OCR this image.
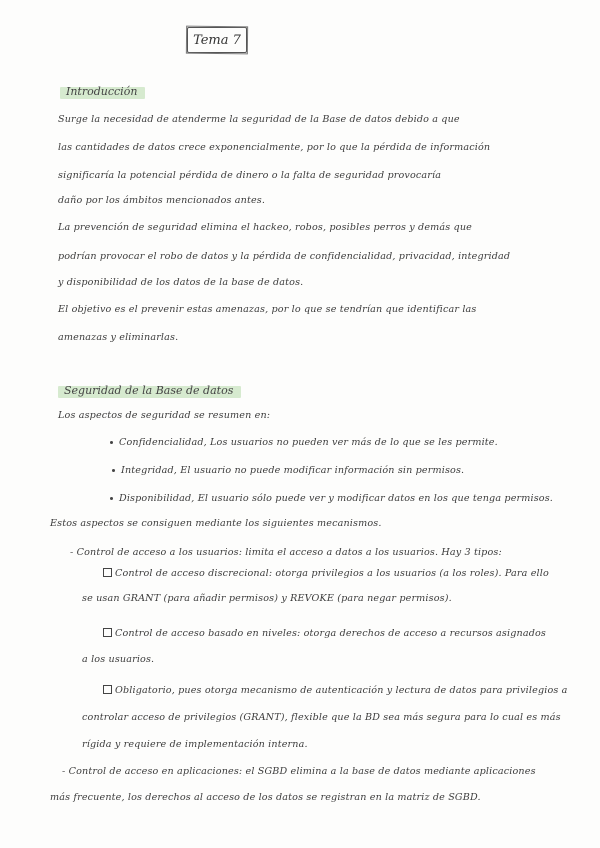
Tema 7
Introducción
Surge la necesidad de atenderme la seguridad de la Base de datos debido a que
las cantidades de datos crece exponencialmente, por lo que la pérdida de información
significaría la potencial pérdida de dinero o la falta de seguridad provocaría
daño por los ámbitos mencionados antes.
La prevención de seguridad elimina el hackeo, robos, posibles perros y demás que
podrían provocar el robo de datos y la pérdida de confidencialidad, privacidad, integridad
y disponibilidad de los datos de la base de datos.
El objetivo es el prevenir estas amenazas, por lo que se tendrían que identificar las
amenazas y eliminarlas.
Seguridad de la Base de datos
Los aspectos de seguridad se resumen en:
Confidencialidad, Los usuarios no pueden ver más de lo que se les permite.
Integridad, El usuario no puede modificar información sin permisos.
Disponibilidad, El usuario sólo puede ver y modificar datos en los que tenga permisos.
Estos aspectos se consiguen mediante los siguientes mecanismos.
- Control de acceso a los usuarios: limita el acceso a datos a los usuarios. Hay 3 tipos:
Control de acceso discrecional: otorga privilegios a los usuarios (a los roles). Para ello
se usan GRANT (para añadir permisos) y REVOKE (para negar permisos).
Control de acceso basado en niveles: otorga derechos de acceso a recursos asignados
a los usuarios.
Obligatorio, pues otorga mecanismo de autenticación y lectura de datos para privilegios a
controlar acceso de privilegios (GRANT), flexible que la BD sea más segura para lo cual es más
rígida y requiere de implementación interna.
- Control de acceso en aplicaciones: el SGBD elimina a la base de datos mediante aplicaciones
más frecuente, los derechos al acceso de los datos se registran en la matriz de SGBD.
